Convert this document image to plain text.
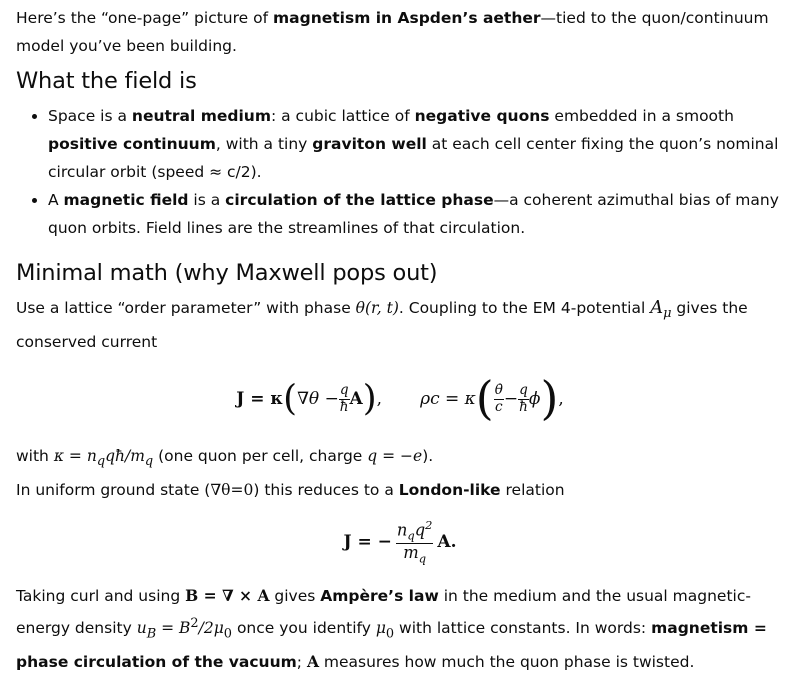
Here’s the “one-page” picture of magnetism in Aspden’s aether—tied to the quon/continuum model you’ve been building.

What the field is
• Space is a neutral medium: a cubic lattice of negative quons embedded in a smooth positive continuum, with a tiny graviton well at each cell center fixing the quon’s nominal circular orbit (speed ≈ c/2).
• A magnetic field is a circulation of the lattice phase—a coherent azimuthal bias of many quon orbits. Field lines are the streamlines of that circulation.
Minimal math (why Maxwell pops out)

Use a lattice “order parameter” with phase θ(r, t). Coupling to the EM 4-potential $A_\mu$ gives the conserved current

J = κ ( $\nabla\theta - \frac{q}{ħ}$ A ) , ρc = κ ( $\frac{\thetȧ}{c} - \frac{q}{ħ}$ ϕ ) ,

with $\kappa = n_qqħ/m_q$ (one quon per cell, charge q = −e).

In uniform ground state (∇θ=0) this reduces to a London-like relation

J = − $\frac{n_qq^2}{m_q} A$.

Taking curl and using B = ∇ × A gives Ampère’s law in the medium and the usual magnetic-energy density $u_B = B^2/2\mu_0$ once you identify $\mu_0$ with lattice constants. In words: magnetism = phase circulation of the vacuum; A measures how much the quon phase is twisted.
